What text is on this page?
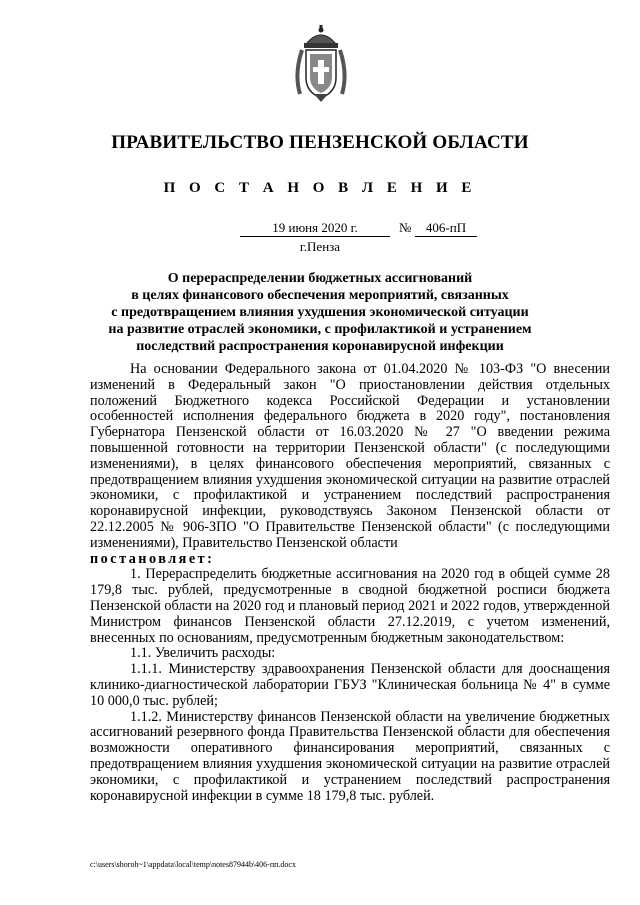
ПРАВИТЕЛЬСТВО ПЕНЗЕНСКОЙ ОБЛАСТИ
П О С Т А Н О В Л Е Н И Е
19 июня 2020 г.	№	406-пП
г.Пенза
О перераспределении бюджетных ассигнований
в целях финансового обеспечения мероприятий, связанных
с предотвращением влияния ухудшения экономической ситуации
на развитие отраслей экономики, с профилактикой и устранением
последствий распространения коронавирусной инфекции

На основании Федерального закона от 01.04.2020 № 103-ФЗ "О внесении изменений в Федеральный закон "О приостановлении действия отдельных положений Бюджетного кодекса Российской Федерации и установлении особенностей исполнения федерального бюджета в 2020 году", постановления Губернатора Пензенской области от 16.03.2020 № 27 "О введении режима повышенной готовности на территории Пензенской области" (с последующими изменениями), в целях финансового обеспечения мероприятий, связанных с предотвращением влияния ухудшения экономической ситуации на развитие отраслей экономики, с профилактикой и устранением последствий распространения коронавирусной инфекции, руководствуясь Законом Пензенской области от 22.12.2005 № 906-ЗПО "О Правительстве Пензенской области" (с последующими изменениями), Правительство Пензенской области

постановляет:

1. Перераспределить бюджетные ассигнования на 2020 год в общей сумме 28 179,8 тыс. рублей, предусмотренные в сводной бюджетной росписи бюджета Пензенской области на 2020 год и плановый период 2021 и 2022 годов, утвержденной Министром финансов Пензенской области 27.12.2019, с учетом изменений, внесенных по основаниям, предусмотренным бюджетным законодательством:

1.1. Увеличить расходы:

1.1.1. Министерству здравоохранения Пензенской области для дооснащения клинико-диагностической лаборатории ГБУЗ "Клиническая больница № 4" в сумме 10 000,0 тыс. рублей;

1.1.2. Министерству финансов Пензенской области на увеличение бюджетных ассигнований резервного фонда Правительства Пензенской области для обеспечения возможности оперативного финансирования мероприятий, связанных с предотвращением влияния ухудшения экономической ситуации на развитие отраслей экономики, с профилактикой и устранением последствий распространения коронавирусной инфекции в сумме 18 179,8 тыс. рублей.

c:\users\shoroh~1\appdata\local\temp\notes87944b\406-пп.docx
